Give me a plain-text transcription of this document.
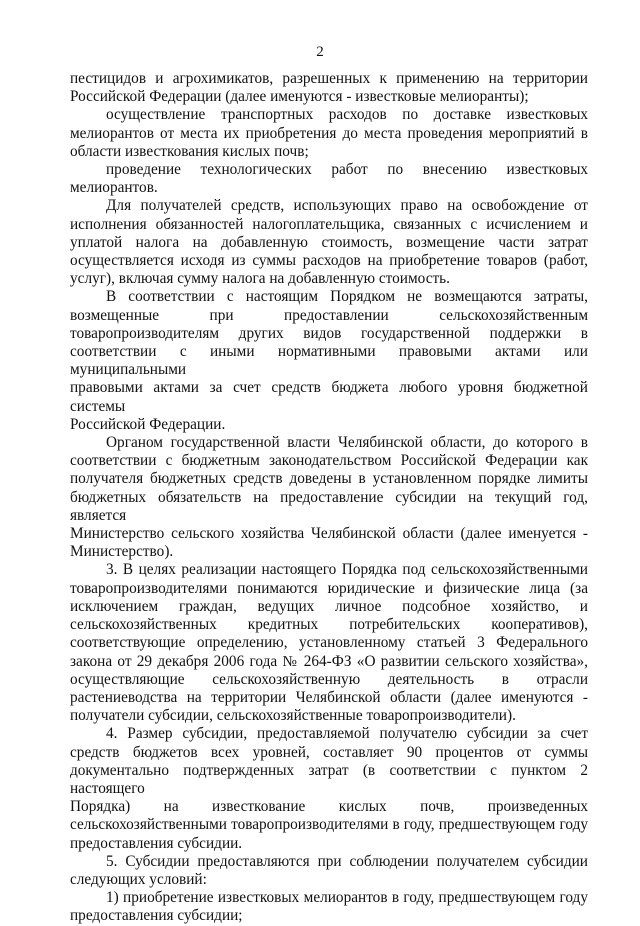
2

пестицидов и агрохимикатов, разрешенных к применению на территории
Российской Федерации (далее именуются - известковые мелиоранты);

осуществление транспортных расходов по доставке известковых
мелиорантов от места их приобретения до места проведения мероприятий в
области известкования кислых почв;

проведение технологических работ по внесению известковых
мелиорантов.

Для получателей средств, использующих право на освобождение от
исполнения обязанностей налогоплательщика, связанных с исчислением и
уплатой налога на добавленную стоимость, возмещение части затрат
осуществляется исходя из суммы расходов на приобретение товаров (работ,
услуг), включая сумму налога на добавленную стоимость.

В соответствии с настоящим Порядком не возмещаются затраты,
возмещенные при предоставлении сельскохозяйственным
товаропроизводителям других видов государственной поддержки в
соответствии с иными нормативными правовыми актами или муниципальными
правовыми актами за счет средств бюджета любого уровня бюджетной системы
Российской Федерации.

Органом государственной власти Челябинской области, до которого в
соответствии с бюджетным законодательством Российской Федерации как
получателя бюджетных средств доведены в установленном порядке лимиты
бюджетных обязательств на предоставление субсидии на текущий год, является
Министерство сельского хозяйства Челябинской области (далее именуется -
Министерство).

3. В целях реализации настоящего Порядка под сельскохозяйственными
товаропроизводителями понимаются юридические и физические лица (за
исключением граждан, ведущих личное подсобное хозяйство, и
сельскохозяйственных кредитных потребительских кооперативов),
соответствующие определению, установленному статьей 3 Федерального
закона от 29 декабря 2006 года № 264-ФЗ «О развитии сельского хозяйства»,
осуществляющие сельскохозяйственную деятельность в отрасли
растениеводства на территории Челябинской области (далее именуются -
получатели субсидии, сельскохозяйственные товаропроизводители).

4. Размер субсидии, предоставляемой получателю субсидии за счет
средств бюджетов всех уровней, составляет 90 процентов от суммы
документально подтвержденных затрат (в соответствии с пунктом 2 настоящего
Порядка) на известкование кислых почв, произведенных
сельскохозяйственными товаропроизводителями в году, предшествующем году
предоставления субсидии.

5. Субсидии предоставляются при соблюдении получателем субсидии
следующих условий:

1) приобретение известковых мелиорантов в году, предшествующем году
предоставления субсидии;
